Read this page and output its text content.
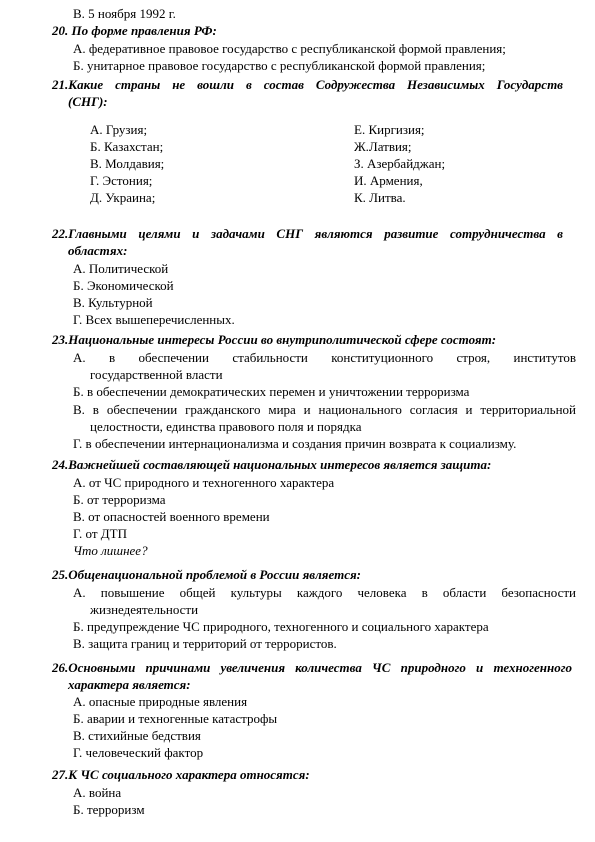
В. 5 ноября 1992 г.
20. По форме правления РФ:
А. федеративное правовое государство с республиканской формой правления;
Б. унитарное правовое государство с республиканской формой правления;
21.Какие страны не вошли в состав Содружества Независимых Государств
(СНГ):
А. Грузия;
Б. Казахстан;
В. Молдавия;
Г. Эстония;
Д. Украина;
Е. Киргизия;
Ж.Латвия;
З. Азербайджан;
И. Армения,
К. Литва.
22.Главными целями и задачами СНГ являются развитие сотрудничества в
областях:
А. Политической
Б. Экономической
В. Культурной
Г. Всех вышеперечисленных.
23.Национальные интересы России во внутриполитической сфере состоят:
А. в обеспечении стабильности конституционного строя, институтов
государственной власти
Б. в обеспечении демократических перемен и уничтожении терроризма
В. в обеспечении гражданского мира и национального согласия и территориальной
целостности, единства правового поля и порядка
Г. в обеспечении интернационализма и создания причин возврата к социализму.
24.Важнейшей составляющей национальных интересов является защита:
А. от ЧС природного и техногенного характера
Б. от терроризма
В. от опасностей военного времени
Г. от ДТП
Что лишнее?
25.Общенациональной проблемой в России является:
А. повышение общей культуры каждого человека в области безопасности
жизнедеятельности
Б. предупреждение ЧС природного, техногенного и социального характера
В. защита границ и территорий от террористов.
26.Основными причинами увеличения количества ЧС природного и техногенного
характера является:
А. опасные природные явления
Б. аварии и техногенные катастрофы
В. стихийные бедствия
Г. человеческий фактор
27.К ЧС социального характера относятся:
А. война
Б. терроризм
